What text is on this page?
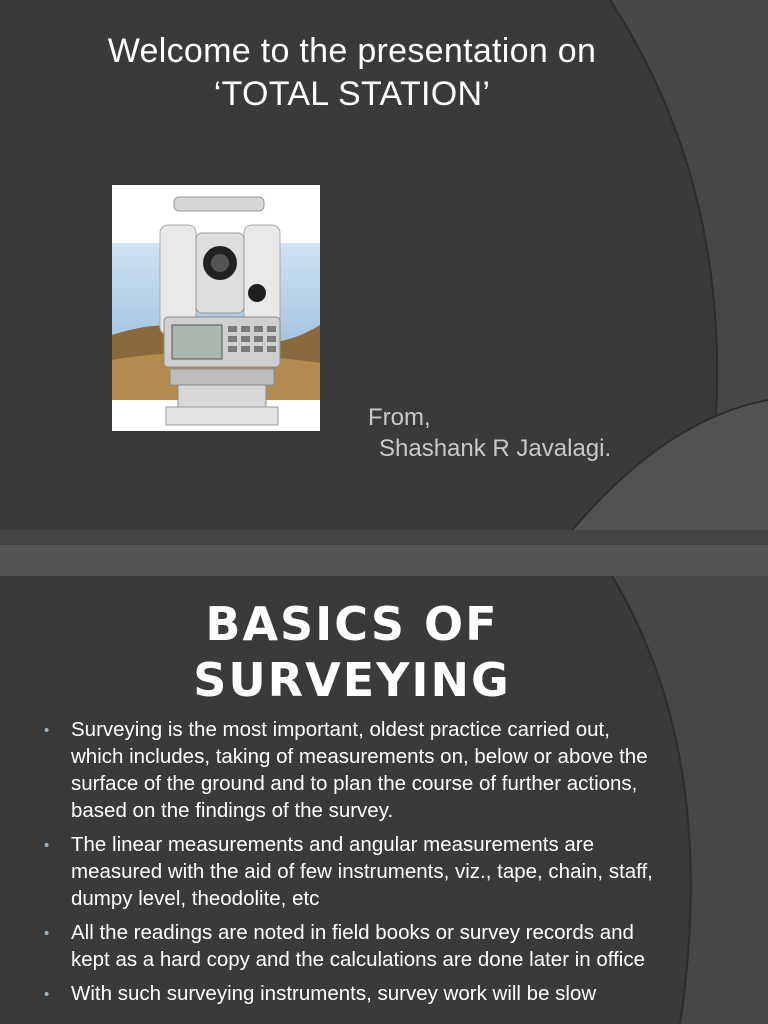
Welcome to the presentation on
‘TOTAL STATION’
From,
Shashank R Javalagi.
BASICS OF
SURVEYING
• Surveying is the most important, oldest practice carried out, which includes, taking of measurements on, below or above the surface of the ground and to plan the course of further actions, based on the findings of the survey.
• The linear measurements and angular measurements are measured with the aid of few instruments, viz., tape, chain, staff, dumpy level, theodolite, etc
• All the readings are noted in field books or survey records and kept as a hard copy and the calculations are done later in office
• With such surveying instruments, survey work will be slow
